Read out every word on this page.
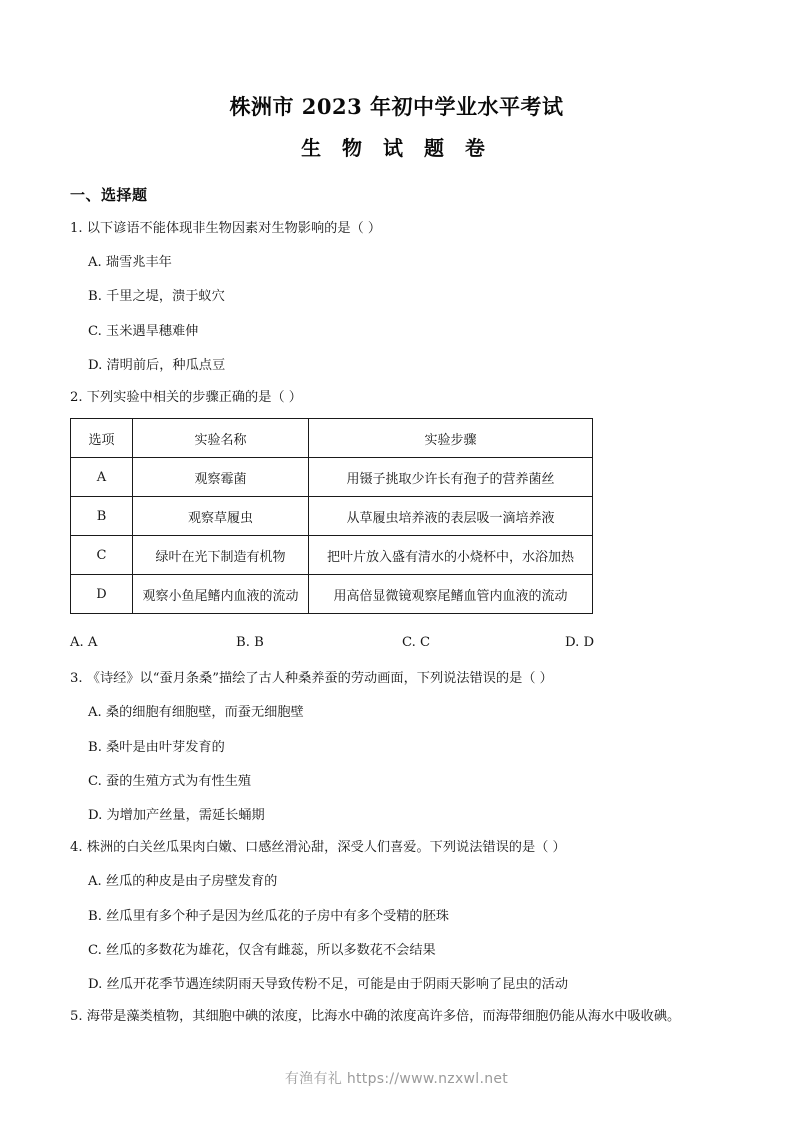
株洲市 2023 年初中学业水平考试
生 物 试 题 卷
一、选择题

1. 以下谚语不能体现非生物因素对生物影响的是（ ）

A. 瑞雪兆丰年
B. 千里之堤，溃于蚁穴
C. 玉米遇旱穗难伸
D. 清明前后，种瓜点豆

2. 下列实验中相关的步骤正确的是（ ）

选项	实验名称	实验步骤
A	观察霉菌	用镊子挑取少许长有孢子的营养菌丝
B	观察草履虫	从草履虫培养液的表层吸一滴培养液
C	绿叶在光下制造有机物	把叶片放入盛有清水的小烧杯中，水浴加热
D	观察小鱼尾鳍内血液的流动	用高倍显微镜观察尾鳍血管内血液的流动
A. A	B. B	C. C	D. D

3. 《诗经》以“蚕月条桑”描绘了古人种桑养蚕的劳动画面，下列说法错误的是（ ）

A. 桑的细胞有细胞壁，而蚕无细胞壁
B. 桑叶是由叶芽发育的
C. 蚕的生殖方式为有性生殖
D. 为增加产丝量，需延长蛹期

4. 株洲的白关丝瓜果肉白嫩、口感丝滑沁甜，深受人们喜爱。下列说法错误的是（ ）

A. 丝瓜的种皮是由子房壁发育的
B. 丝瓜里有多个种子是因为丝瓜花的子房中有多个受精的胚珠
C. 丝瓜的多数花为雄花，仅含有雌蕊，所以多数花不会结果
D. 丝瓜开花季节遇连续阴雨天导致传粉不足，可能是由于阴雨天影响了昆虫的活动

5. 海带是藻类植物，其细胞中碘的浓度，比海水中确的浓度高许多倍，而海带细胞仍能从海水中吸收碘。

有渔有礼 https://www.nzxwl.net
